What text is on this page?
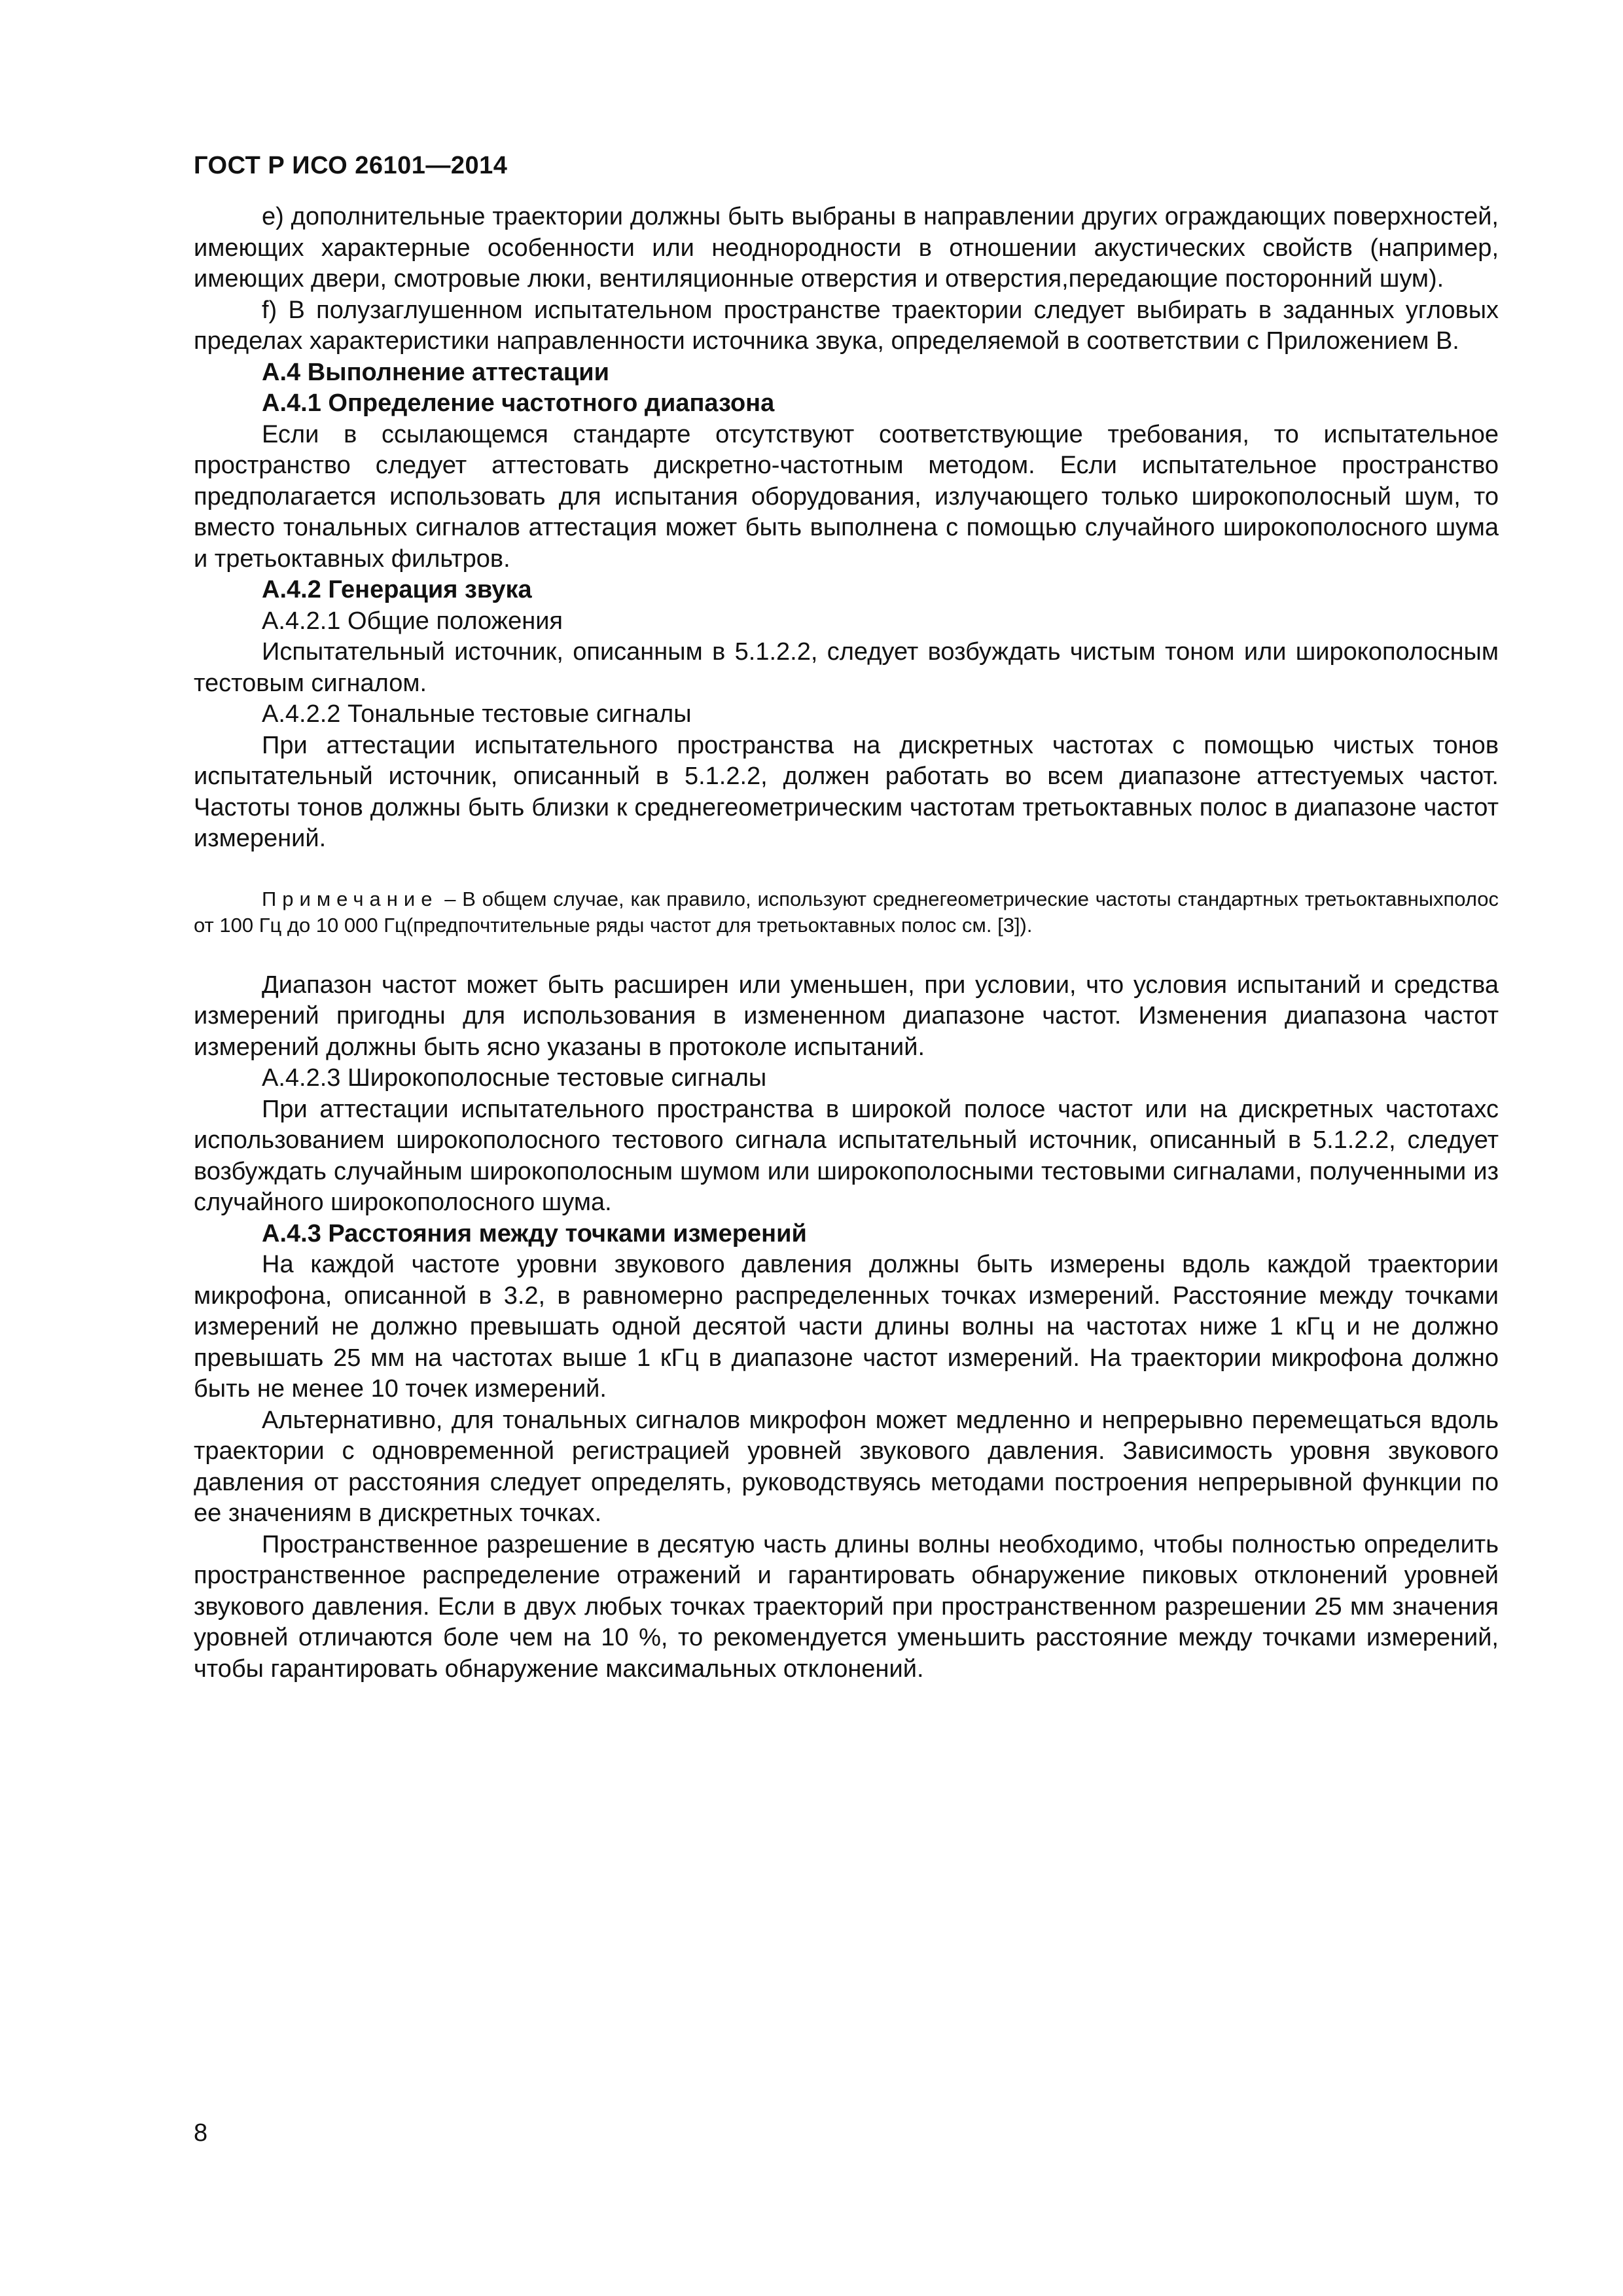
ГОСТ Р ИСО 26101—2014

e) дополнительные траектории должны быть выбраны в направлении других ограждающих поверхностей, имеющих характерные особенности или неоднородности в отношении акустических свойств (например, имеющих двери, смотровые люки, вентиляционные отверстия и отверстия,передающие посторонний шум).

f) В полузаглушенном испытательном пространстве траектории следует выбирать в заданных угловых пределах характеристики направленности источника звука, определяемой в соответствии с Приложением В.

А.4 Выполнение аттестации

А.4.1 Определение частотного диапазона

Если в ссылающемся стандарте отсутствуют соответствующие требования, то испытательное пространство следует аттестовать дискретно-частотным методом. Если испытательное пространство предполагается использовать для испытания оборудования, излучающего только широкополосный шум, то вместо тональных сигналов аттестация может быть выполнена с помощью случайного широкополосного шума и третьоктавных фильтров.

А.4.2 Генерация звука

А.4.2.1 Общие положения

Испытательный источник, описанным в 5.1.2.2, следует возбуждать чистым тоном или широкополосным тестовым сигналом.

А.4.2.2 Тональные тестовые сигналы

При аттестации испытательного пространства на дискретных частотах с помощью чистых тонов испытательный источник, описанный в 5.1.2.2, должен работать во всем диапазоне аттестуемых частот. Частоты тонов должны быть близки к среднегеометрическим частотам третьоктавных полос в диапазоне частот измерений.

Примечание – В общем случае, как правило, используют среднегеометрические частоты стандартных третьоктавныхполос от 100 Гц до 10 000 Гц(предпочтительные ряды частот для третьоктавных полос см. [3]).

Диапазон частот может быть расширен или уменьшен, при условии, что условия испытаний и средства измерений пригодны для использования в измененном диапазоне частот. Изменения диапазона частот измерений должны быть ясно указаны в протоколе испытаний.

А.4.2.3 Широкополосные тестовые сигналы

При аттестации испытательного пространства в широкой полосе частот или на дискретных частотахс использованием широкополосного тестового сигнала испытательный источник, описанный в 5.1.2.2, следует возбуждать случайным широкополосным шумом или широкополосными тестовыми сигналами, полученными из случайного широкополосного шума.

А.4.3 Расстояния между точками измерений

На каждой частоте уровни звукового давления должны быть измерены вдоль каждой траектории микрофона, описанной в 3.2, в равномерно распределенных точках измерений. Расстояние между точками измерений не должно превышать одной десятой части длины волны на частотах ниже 1 кГц и не должно превышать 25 мм на частотах выше 1 кГц в диапазоне частот измерений. На траектории микрофона должно быть не менее 10 точек измерений.

Альтернативно, для тональных сигналов микрофон может медленно и непрерывно перемещаться вдоль траектории с одновременной регистрацией уровней звукового давления. Зависимость уровня звукового давления от расстояния следует определять, руководствуясь методами построения непрерывной функции по ее значениям в дискретных точках.

Пространственное разрешение в десятую часть длины волны необходимо, чтобы полностью определить пространственное распределение отражений и гарантировать обнаружение пиковых отклонений уровней звукового давления. Если в двух любых точках траекторий при пространственном разрешении 25 мм значения уровней отличаются боле чем на 10 %, то рекомендуется уменьшить расстояние между точками измерений, чтобы гарантировать обнаружение максимальных отклонений.

8
